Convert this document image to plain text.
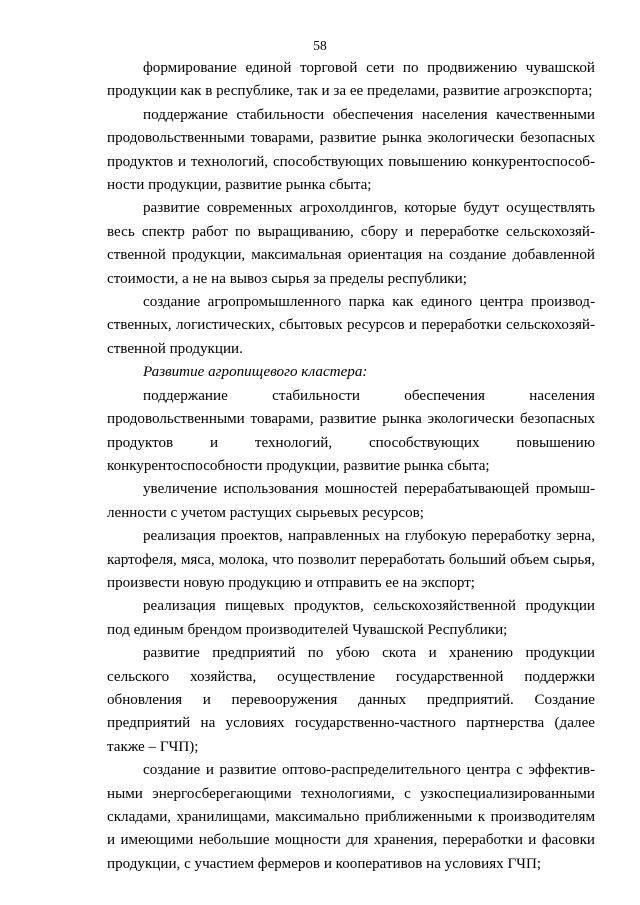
58

формирование единой торговой сети по продвижению чувашской продукции как в республике, так и за ее пределами, развитие агроэкспорта;

поддержание стабильности обеспечения населения качественными продовольственными товарами, развитие рынка экологически безопасных продуктов и технологий, способствующих повышению конкурентоспособности продукции, развитие рынка сбыта;

развитие современных агрохолдингов, которые будут осуществлять весь спектр работ по выращиванию, сбору и переработке сельскохозяйственной продукции, максимальная ориентация на создание добавленной стоимости, а не на вывоз сырья за пределы республики;

создание агропромышленного парка как единого центра производственных, логистических, сбытовых ресурсов и переработки сельскохозяйственной продукции.

Развитие агропищевого кластера:

поддержание стабильности обеспечения населения продовольственными товарами, развитие рынка экологически безопасных продуктов и технологий, способствующих повышению конкурентоспособности продукции, развитие рынка сбыта;

увеличение использования мошностей перерабатывающей промышленности с учетом растущих сырьевых ресурсов;

реализация проектов, направленных на глубокую переработку зерна, картофеля, мяса, молока, что позволит переработать больший объем сырья, произвести новую продукцию и отправить ее на экспорт;

реализация пищевых продуктов, сельскохозяйственной продукции под единым брендом производителей Чувашской Республики;

развитие предприятий по убою скота и хранению продукции сельского хозяйства, осуществление государственной поддержки обновления и перевооружения данных предприятий. Создание предприятий на условиях государственно-частного партнерства (далее также – ГЧП);

создание и развитие оптово-распределительного центра с эффективными энергосберегающими технологиями, с узкоспециализированными складами, хранилищами, максимально приближенными к производителям и имеющими небольшие мощности для хранения, переработки и фасовки продукции, с участием фермеров и кооперативов на условиях ГЧП;
